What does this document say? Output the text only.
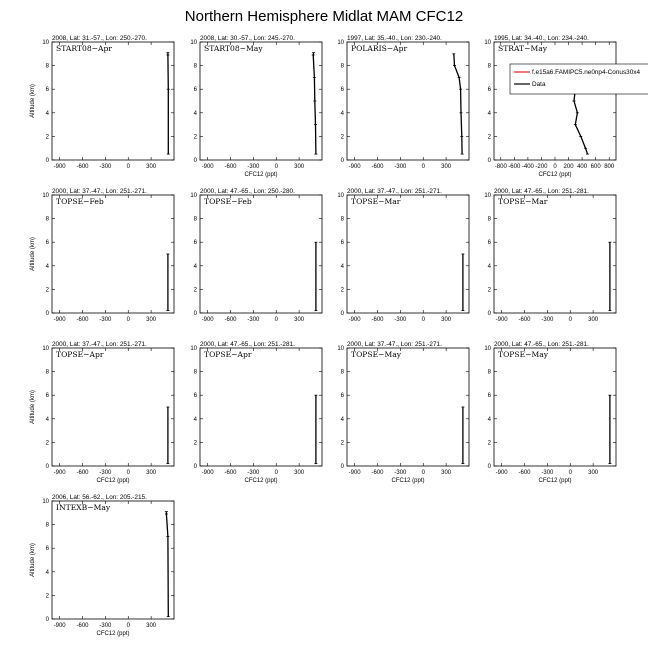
Northern Hemisphere Midlat MAM CFC12
2008, Lat: 31.-57., Lon: 250.-270.
START08−Apr
0
2
4
6
8
10
-900 -600 -300	0	300
Altitude (km)
2008, Lat: 30.-57., Lon: 245.-270.
START08−May
0
2
4
6
8
10
-900 -600 -300	0	300
CFC12 (ppt)
1997, Lat: 35.-40., Lon: 230.-240.
POLARIS−Apr
0
2
4
6
8
10
-900 -600 -300	0	300
1995, Lat: 34.-40., Lon: 234.-240.
STRAT−May
0
2
4
6
8
10
-800 -600 -400 -200 0 200 400 600 800
CFC12 (ppt)
f.e15a6.FAMIPC5.ne0np4-Conus30x4
Data
2000, Lat: 37.-47., Lon: 251.-271.
TOPSE−Feb
0
2
4
6
8
10
-900 -600 -300	0	300
Altitude (km)
2000, Lat: 47.-65., Lon: 250.-280.
TOPSE−Feb
0
2
4
6
8
10
-900 -600 -300	0	300
2000, Lat: 37.-47., Lon: 251.-271.
TOPSE−Mar
0
2
4
6
8
10
-900 -600 -300	0	300
2000, Lat: 47.-65., Lon: 251.-281.
TOPSE−Mar
0
2
4
6
8
10
-900 -600 -300	0	300
2000, Lat: 37.-47., Lon: 251.-271.
TOPSE−Apr
0
2
4
6
8
10
-900 -600 -300	0	300
CFC12 (ppt)
Altitude (km)
2000, Lat: 47.-65., Lon: 251.-281.
TOPSE−Apr
0
2
4
6
8
10
-900 -600 -300	0	300
CFC12 (ppt)
2000, Lat: 37.-47., Lon: 251.-271.
TOPSE−May
0
2
4
6
8
10
-900 -600 -300	0	300
CFC12 (ppt)
2000, Lat: 47.-65., Lon: 251.-281.
TOPSE−May
0
2
4
6
8
10
-900 -600 -300	0	300
CFC12 (ppt)
2006, Lat: 56.-62., Lon: 205.-215.
INTEXB−May
0
2
4
6
8
10
-900 -600 -300	0	300
CFC12 (ppt)
Altitude (km)
